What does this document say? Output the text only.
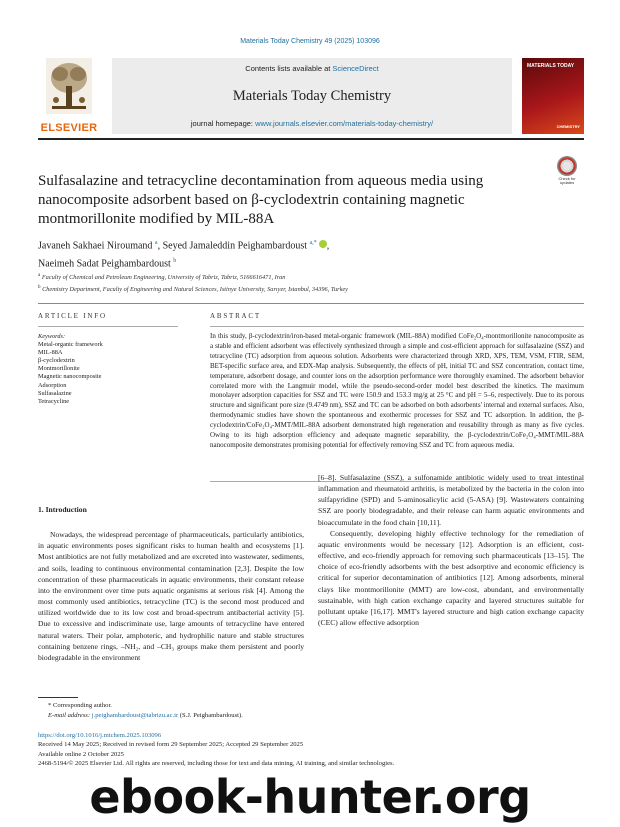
Materials Today Chemistry 49 (2025) 103096
ELSEVIER
Contents lists available at ScienceDirect
Materials Today Chemistry
journal homepage: www.journals.elsevier.com/materials-today-chemistry/
MATERIALS TODAY
CHEMISTRY
Check for updates
Sulfasalazine and tetracycline decontamination from aqueous media using nanocomposite adsorbent based on β-cyclodextrin containing magnetic montmorillonite modified by MIL-88A
Javaneh Sakhaei Niroumand $^a$, Seyed Jamaleddin Peighambardoust $^{a,*}$ ,
Naeimeh Sadat Peighambardoust $^b$
$^a$ Faculty of Chemical and Petroleum Engineering, University of Tabriz, Tabriz, 5166616471, Iran
$^b$ Chemistry Department, Faculty of Engineering and Natural Sciences, Istinye University, Sarıyer, Istanbul, 34396, Turkey
ARTICLE INFO	ABSTRACT
Keywords:
Metal-organic framework
MIL-88A
β-cyclodextrin
Montmorillonite
Magnetic nanocomposite
Adsorption
Sulfasalazine
Tetracycline
In this study, β-cyclodextrin/iron-based metal-organic framework (MIL-88A) modified CoFe₂O₄-montmorillonite nanocomposite as a stable and efficient adsorbent was effectively synthesized through a simple and cost-efficient approach for sulfasalazine (SSZ) and tetracycline (TC) adsorption from aqueous solution. Adsorbents were characterized through XRD, XPS, TEM, VSM, FTIR, SEM, BET-specific surface area, and EDX-Map analysis. Subsequently, the effects of pH, initial TC and SSZ concentration, contact time, temperature, adsorbent dosage, and counter ions on the adsorption performance were thoroughly examined. The adsorbent behavior correlated more with the Langmuir model, while the pseudo-second-order model best described the kinetics. The maximum monolayer adsorption capacities for SSZ and TC were 150.9 and 153.3 mg/g at 25 °C and pH = 5–6, respectively. Due to its porous structure and significant pore size (9.4749 nm), SSZ and TC can be adsorbed on both adsorbents' internal and external surfaces. Also, thermodynamic studies have shown the spontaneous and exothermic processes for SSZ and TC adsorption. In addition, the β-cyclodextrin/CoFe₂O₄-MMT/MIL-88A adsorbent demonstrated high regeneration and reusability through as many as five cycles. Owing to its high adsorption efficiency and adequate magnetic separability, the β-cyclodextrin/CoFe₂O₄-MMT/MIL-88A nanocomposite demonstrates promising potential for effectively removing SSZ and TC from aqueous media.
1. Introduction

Nowadays, the widespread percentage of pharmaceuticals, particularly antibiotics, in aquatic environments poses significant risks to human health and ecosystems [1]. Most antibiotics are not fully metabolized and are excreted into wastewater, sediments, and soils, leading to continuous environmental contamination [2,3]. Despite the low concentration of these pharmaceuticals in aquatic environments, their constant release into the environment over time puts aquatic organisms at serious risk [4]. Among the most commonly used antibiotics, tetracycline (TC) is the second most produced and utilized worldwide due to its low cost and broad-spectrum antibacterial activity [5]. Due to excessive and indiscriminate use, large amounts of tetracycline have entered natural waters. Their polar, amphoteric, and hydrophilic nature and stable structures containing benzene rings, –NH₂, and –CH₃ groups make them persistent and poorly biodegradable in the environment

[6–8]. Sulfasalazine (SSZ), a sulfonamide antibiotic widely used to treat intestinal inflammation and rheumatoid arthritis, is metabolized by the bacteria in the colon into sulfapyridine (SPD) and 5-aminosalicylic acid (5-ASA) [9]. Wastewaters containing SSZ are poorly biodegradable, and their release can harm aquatic environments and bioaccumulate in the food chain [10,11].

Consequently, developing highly effective technology for the remediation of aquatic environments would be necessary [12]. Adsorption is an efficient, cost-effective, and eco-friendly approach for removing such pharmaceuticals [13–15]. The choice of eco-friendly adsorbents with the best adsorptive and economic efficiency is critical for superior decontamination of antibiotics [12]. Among adsorbents, mineral clays like montmorillonite (MMT) are low-cost, abundant, and environmentally sustainable, with high cation exchange capacity and layered structures suitable for pollutant uptake [16,17]. MMT's layered structure and high cation exchange capacity (CEC) allow effective adsorption

* Corresponding author.
E-mail address: j.peighambardoust@tabrizu.ac.ir (S.J. Peighambardoust).
https://doi.org/10.1016/j.mtchem.2025.103096
Received 14 May 2025; Received in revised form 29 September 2025; Accepted 29 September 2025
Available online 2 October 2025
2468-5194/© 2025 Elsevier Ltd. All rights are reserved, including those for text and data mining, AI training, and similar technologies.
ebook-hunter.org
